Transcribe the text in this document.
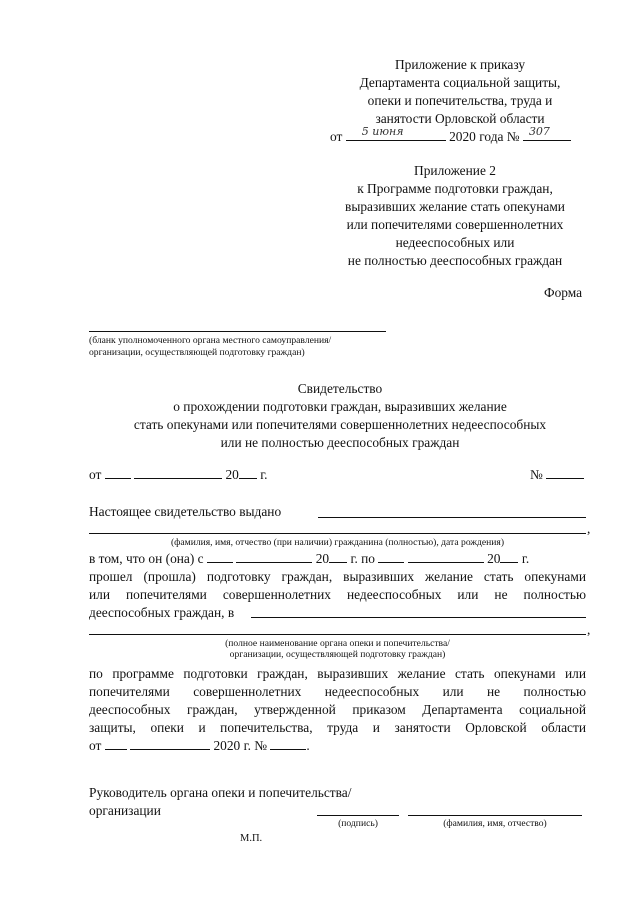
Приложение к приказу
Департамента социальной защиты,
опеки и попечительства, труда и
занятости Орловской области
от 5 июня	2020 года № 307
Приложение 2
к Программе подготовки граждан,
выразивших желание стать опекунами
или попечителями совершеннолетних
недееспособных или
не полностью дееспособных граждан
Форма
(бланк уполномоченного органа местного самоуправления/
организации, осуществляющей подготовку граждан)
Свидетельство
о прохождении подготовки граждан, выразивших желание
стать опекунами или попечителями совершеннолетних недееспособных
или не полностью дееспособных граждан
от	20 г.	№
Настоящее свидетельство выдано
,
(фамилия, имя, отчество (при наличии) гражданина (полностью), дата рождения)
в том, что он (она) с	20 г. по	20 г.
прошел (прошла) подготовку граждан, выразивших желание стать опекунами
или попечителями совершеннолетних недееспособных или не полностью
дееспособных граждан, в
,
(полное наименование органа опеки и попечительства/
организации, осуществляющей подготовку граждан)
по программе подготовки граждан, выразивших желание стать опекунами или
попечителями совершеннолетних недееспособных или не полностью
дееспособных граждан, утвержденной приказом Департамента социальной
защиты, опеки и попечительства, труда и занятости Орловской области
от	2020 г. №	.
Руководитель органа опеки и попечительства/
организации
(подпись)	(фамилия, имя, отчество)
М.П.
